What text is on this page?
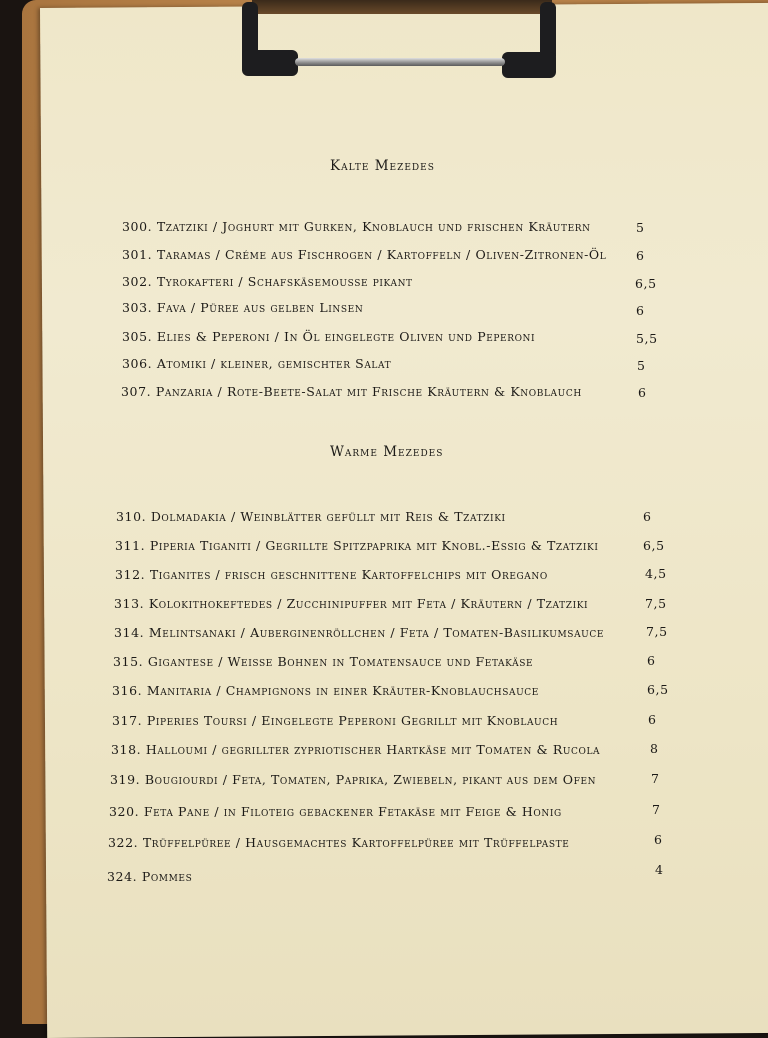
Kalte Mezedes
300. Tzatziki / Joghurt mit Gurken, Knoblauch und frischen Kräutern	5
301. Taramas / Créme aus Fischrogen / Kartoffeln / Oliven-Zitronen-Öl 6
302. Tyrokafteri / Schafskäsemousse pikant	6,5
303. Fava / Püree aus gelben Linsen	6
305. Elies & Peperoni / In Öl eingelegte Oliven und Peperoni	5,5
306. Atomiki / kleiner, gemischter Salat	5
307. Panzaria / Rote-Beete-Salat mit Frische Kräutern & Knoblauch	6
Warme Mezedes
310. Dolmadakia / Weinblätter gefüllt mit Reis & Tzatziki	6
311. Piperia Tiganiti / Gegrillte Spitzpaprika mit Knobl.-Essig & Tzatziki	6,5
312. Tiganites / frisch geschnittene Kartoffelchips mit Oregano	4,5
313. Kolokithokeftedes / Zucchinipuffer mit Feta / Kräutern / Tzatziki	7,5
314. Melintsanaki / Auberginenröllchen / Feta / Tomaten-Basilikumsauce	7,5
315. Gigantese / Weisse Bohnen in Tomatensauce und Fetakäse	6
316. Manitaria / Champignons in einer Kräuter-Knoblauchsauce	6,5
317. Piperies Toursi / Eingelegte Peperoni Gegrillt mit Knoblauch	6
318. Halloumi / gegrillter zypriotischer Hartkäse mit Tomaten & Rucola	8
319. Bougiourdi / Feta, Tomaten, Paprika, Zwiebeln, pikant aus dem Ofen	7
320. Feta Pane / in Filoteig gebackener Fetakäse mit Feige & Honig	7
322. Trüffelpüree / Hausgemachtes Kartoffelpüree mit Trüffelpaste	6
324. Pommes	4
